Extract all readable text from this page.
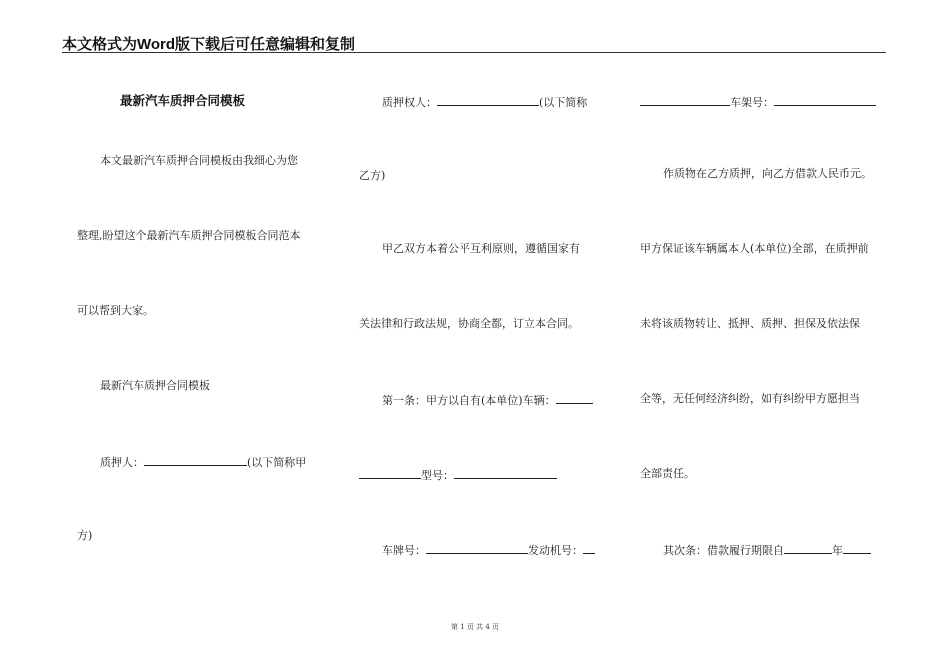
本文格式为Word版下载后可任意编辑和复制
最新汽车质押合同模板
本文最新汽车质押合同模板由我细心为您
整理,盼望这个最新汽车质押合同模板合同范本
可以帮到大家。
最新汽车质押合同模板
质押人：	(以下简称甲
方)
质押权人：	(以下简称
乙方)
甲乙双方本着公平互利原则，遵循国家有
关法律和行政法规，协商全都，订立本合同。
第一条：甲方以自有(本单位)车辆：
型号：
车牌号：	发动机号：
车架号：
作质物在乙方质押，向乙方借款人民币元。
甲方保证该车辆属本人(本单位)全部，在质押前
未将该质物转让、抵押、质押、担保及依法保
全等，无任何经济纠纷，如有纠纷甲方愿担当
全部责任。
其次条：借款履行期限自	年
第 1 页 共 4 页
